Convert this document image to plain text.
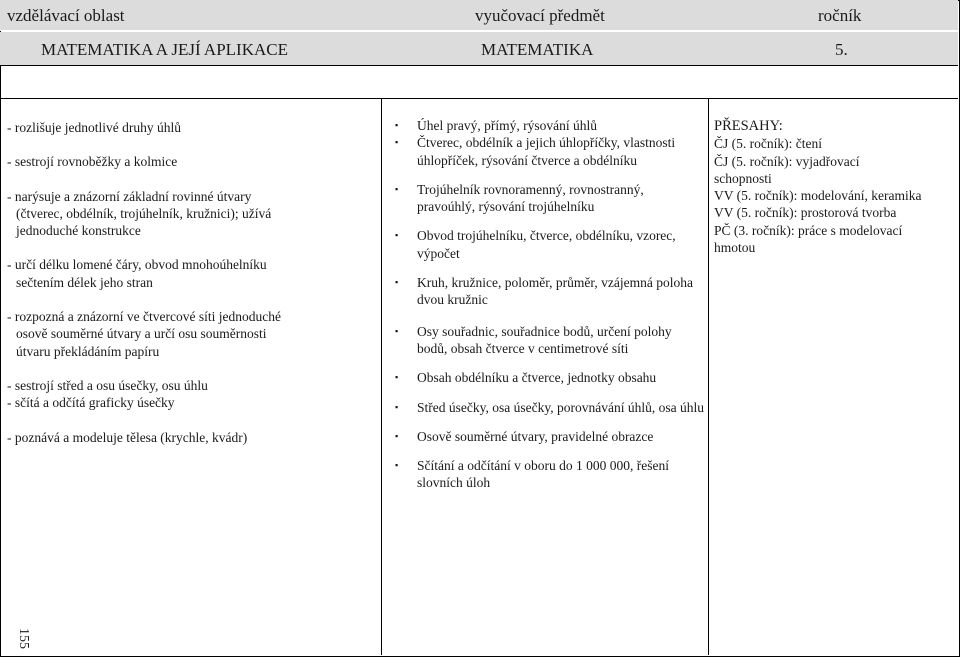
vzdělávací oblast	vyučovací předmět	ročník
MATEMATIKA A JEJÍ APLIKACE	MATEMATIKA	5.

- rozlišuje jednotlivé druhy úhlů

- sestrojí rovnoběžky a kolmice

- narýsuje a znázorní základní rovinné útvary

(čtverec, obdélník, trojúhelník, kružnici); užívá

jednoduché konstrukce

- určí délku lomené čáry, obvod mnohoúhelníku

sečtením délek jeho stran

- rozpozná a znázorní ve čtvercové síti jednoduché

osově souměrné útvary a určí osu souměrnosti

útvaru překládáním papíru

- sestrojí střed a osu úsečky, osu úhlu

- sčítá a odčítá graficky úsečky

- poznává a modeluje tělesa (krychle, kvádr)

▪ Úhel pravý, přímý, rýsování úhlů
▪ Čtverec, obdélník a jejich úhlopříčky, vlastnosti úhlopříček, rýsování čtverce a obdélníku
▪ Trojúhelník rovnoramenný, rovnostranný, pravoúhlý, rýsování trojúhelníku
▪ Obvod trojúhelníku, čtverce, obdélníku, vzorec, výpočet
▪ Kruh, kružnice, poloměr, průměr, vzájemná poloha dvou kružnic
▪ Osy souřadnic, souřadnice bodů, určení polohy bodů, obsah čtverce v centimetrové síti
▪ Obsah obdélníku a čtverce, jednotky obsahu
▪ Střed úsečky, osa úsečky, porovnávání úhlů, osa úhlu
▪ Osově souměrné útvary, pravidelné obrazce
▪ Sčítání a odčítání v oboru do 1 000 000, řešení slovních úloh
PŘESAHY:
ČJ (5. ročník): čtení
ČJ (5. ročník): vyjadřovací
schopnosti
VV (5. ročník): modelování, keramika
VV (5. ročník): prostorová tvorba
PČ (3. ročník): práce s modelovací
hmotou
155
